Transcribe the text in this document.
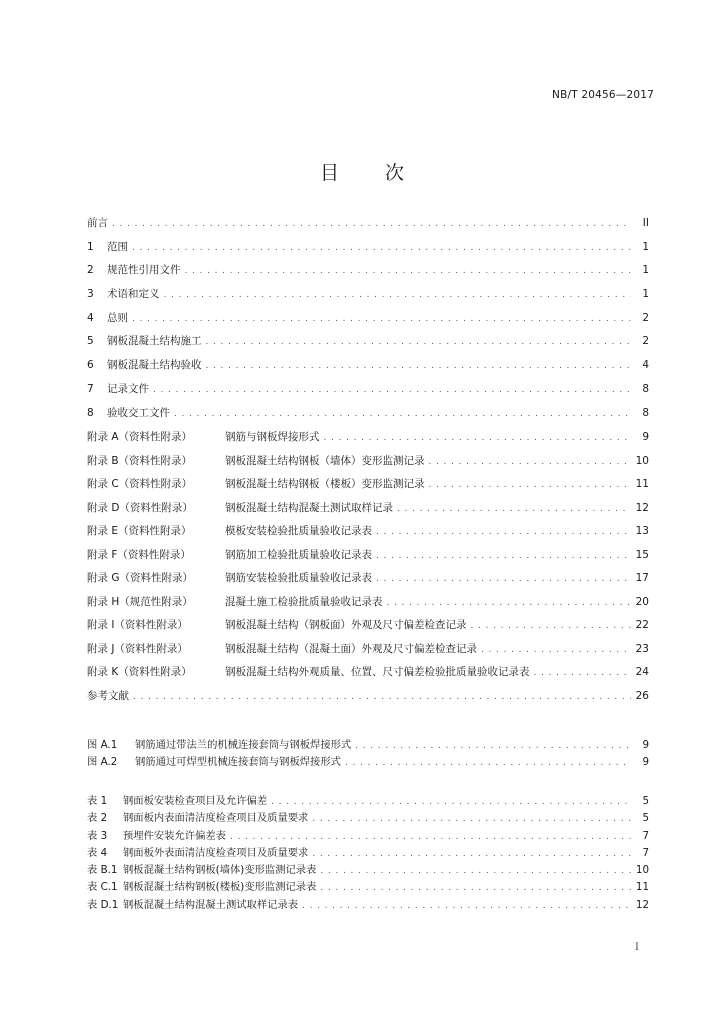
NB/T 20456—2017
目 次
前言 . . .	II
1	范围 . . .	1
2	规范性引用文件 . . .	1
3	术语和定义 . . .	1
4	总则 . . .	2
5	钢板混凝土结构施工 . . .	2
6	钢板混凝土结构验收 . . .	4
7	记录文件 . . .	8
8	验收交工文件 . . .	8
附录 A（资料性附录）	钢筋与钢板焊接形式 . . .	9
附录 B（资料性附录）	钢板混凝土结构钢板（墙体）变形监测记录 . . .	10
附录 C（资料性附录）	钢板混凝土结构钢板（楼板）变形监测记录 . . .	11
附录 D（资料性附录）	钢板混凝土结构混凝土测试取样记录 . . .	12
附录 E（资料性附录）	模板安装检验批质量验收记录表 . . .	13
附录 F（资料性附录）	钢筋加工检验批质量验收记录表 . . .	15
附录 G（资料性附录）	钢筋安装检验批质量验收记录表 . . .	17
附录 H（规范性附录）	混凝土施工检验批质量验收记录表 . . .	20
附录 I（资料性附录）	钢板混凝土结构（钢板面）外观及尺寸偏差检查记录 . . .	22
附录 J（资料性附录）	钢板混凝土结构（混凝土面）外观及尺寸偏差检查记录 . . .	23
附录 K（资料性附录）	钢板混凝土结构外观质量、位置、尺寸偏差检验批质量验收记录表 . . .	24
参考文献 . . .	26
图 A.1	钢筋通过带法兰的机械连接套筒与钢板焊接形式 . . .	9
图 A.2	钢筋通过可焊型机械连接套筒与钢板焊接形式 . . .	9
表 1	钢面板安装检查项目及允许偏差 . . .	5
表 2	钢面板内表面清洁度检查项目及质量要求 . . .	5
表 3	预埋件安装允许偏差表 . . .	7
表 4	钢面板外表面清洁度检查项目及质量要求 . . .	7
表 B.1 钢板混凝土结构钢板(墙体)变形监测记录表 . . .	10
表 C.1 钢板混凝土结构钢板(楼板)变形监测记录表 . . .	11
表 D.1 钢板混凝土结构混凝土测试取样记录表 . . .	12
I
